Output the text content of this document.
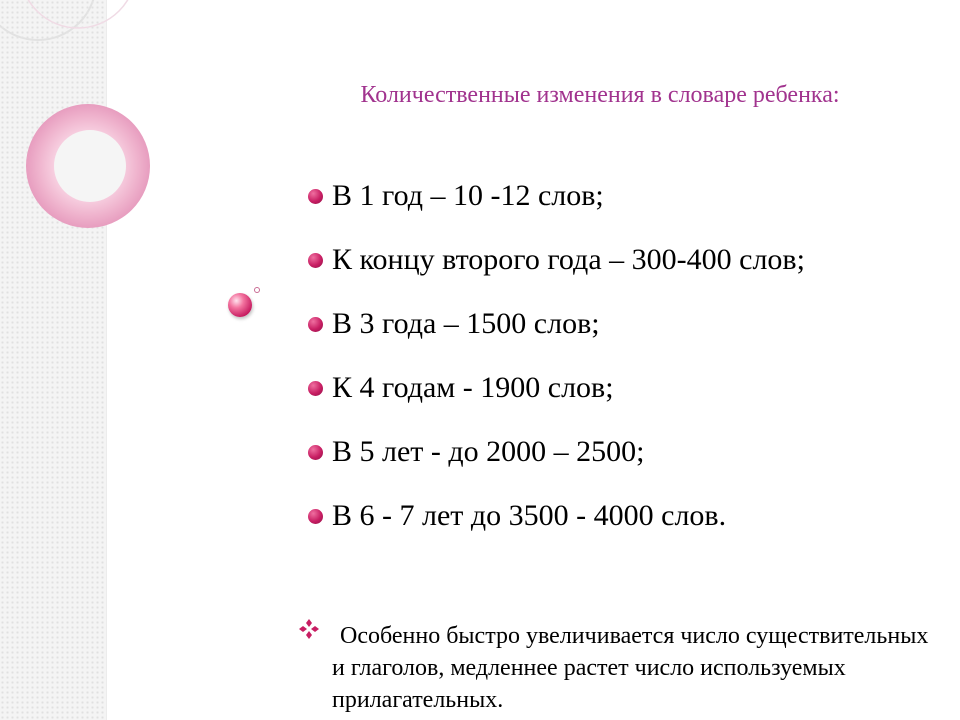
Количественные изменения в словаре ребенка:
В 1 год – 10 -12 слов;
К концу второго года – 300-400 слов;
В 3 года – 1500 слов;
К 4 годам - 1900 слов;
В 5 лет - до 2000 – 2500;
В 6 - 7 лет до 3500 - 4000 слов.

Особенно быстро увеличивается число существительных и глаголов, медленнее растет число используемых прилагательных.
